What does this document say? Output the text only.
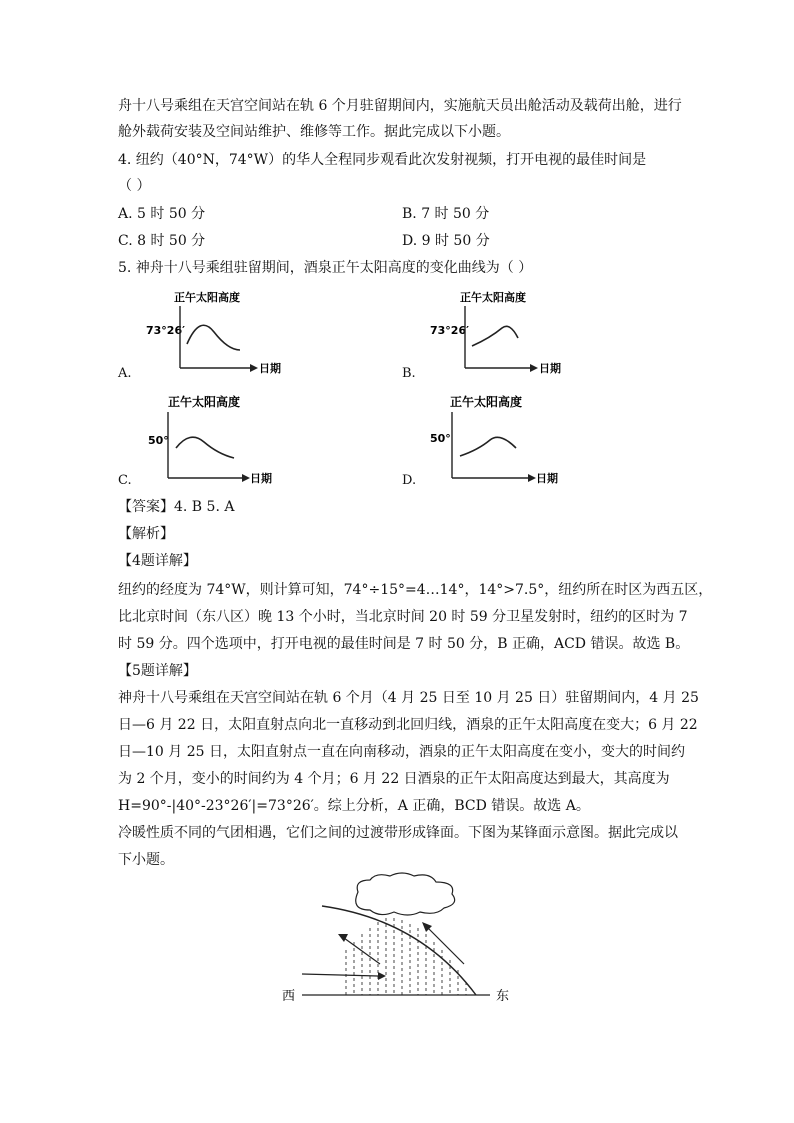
舟十八号乘组在天宫空间站在轨 6 个月驻留期间内，实施航天员出舱活动及载荷出舱，进行
舱外载荷安装及空间站维护、维修等工作。据此完成以下小题。
4. 纽约（40°N，74°W）的华人全程同步观看此次发射视频，打开电视的最佳时间是
（ ）
A. 5 时 50 分	B. 7 时 50 分
C. 8 时 50 分	D. 9 时 50 分
5. 神舟十八号乘组驻留期间，酒泉正午太阳高度的变化曲线为（ ）
正午太阳高度
73°26′
日期
A.
正午太阳高度
73°26′
日期
B.
正午太阳高度
50°
日期
C.
正午太阳高度
50°
日期
D.
【答案】4. B 5. A
【解析】
【4题详解】
纽约的经度为 74°W，则计算可知，74°÷15°=4…14°，14°>7.5°，纽约所在时区为西五区，
比北京时间（东八区）晚 13 个小时，当北京时间 20 时 59 分卫星发射时，纽约的区时为 7
时 59 分。四个选项中，打开电视的最佳时间是 7 时 50 分，B 正确，ACD 错误。故选 B。
【5题详解】
神舟十八号乘组在天宫空间站在轨 6 个月（4 月 25 日至 10 月 25 日）驻留期间内，4 月 25
日—6 月 22 日，太阳直射点向北一直移动到北回归线，酒泉的正午太阳高度在变大；6 月 22
日—10 月 25 日，太阳直射点一直在向南移动，酒泉的正午太阳高度在变小，变大的时间约
为 2 个月，变小的时间约为 4 个月；6 月 22 日酒泉的正午太阳高度达到最大，其高度为
H=90°-|40°-23°26′|=73°26′。综上分析，A 正确，BCD 错误。故选 A。
冷暖性质不同的气团相遇，它们之间的过渡带形成锋面。下图为某锋面示意图。据此完成以
下小题。
西	东
